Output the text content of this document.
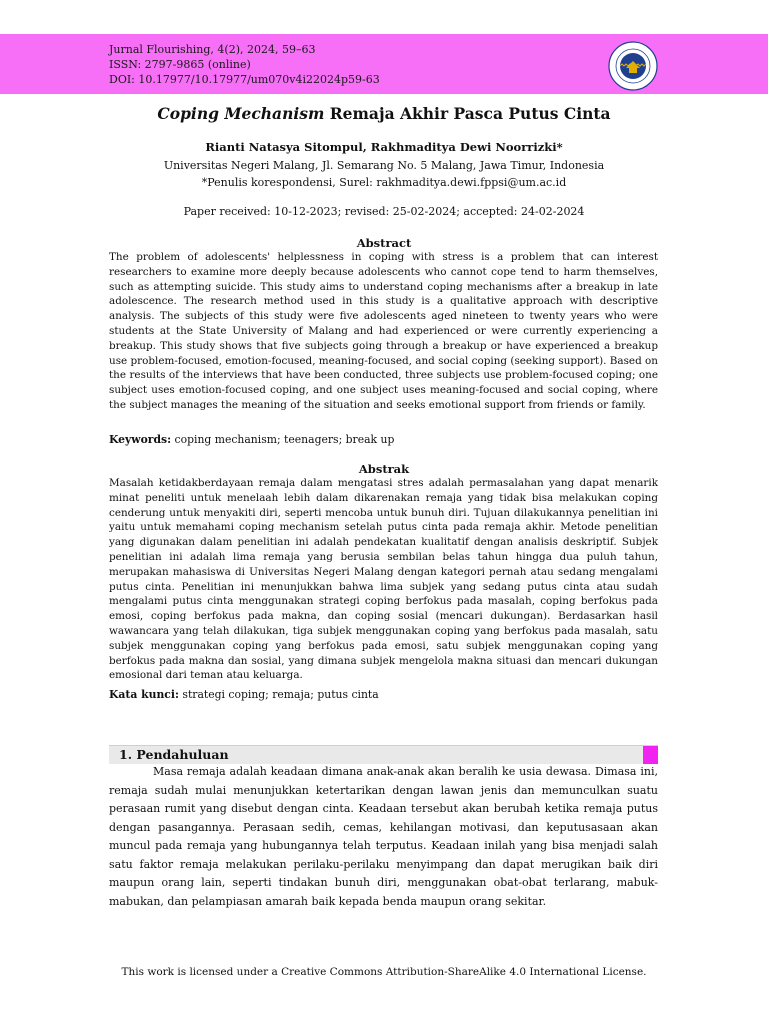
Jurnal Flourishing, 4(2), 2024, 59–63
ISSN: 2797-9865 (online)
DOI: 10.17977/10.17977/um070v4i22024p59-63
Coping Mechanism Remaja Akhir Pasca Putus Cinta
Rianti Natasya Sitompul, Rakhmaditya Dewi Noorrizki*
Universitas Negeri Malang, Jl. Semarang No. 5 Malang, Jawa Timur, Indonesia
*Penulis korespondensi, Surel: rakhmaditya.dewi.fppsi@um.ac.id
Paper received: 10-12-2023; revised: 25-02-2024; accepted: 24-02-2024
Abstract
The problem of adolescents' helplessness in coping with stress is a problem that can interest researchers to examine more deeply because adolescents who cannot cope tend to harm themselves, such as attempting suicide. This study aims to understand coping mechanisms after a breakup in late adolescence. The research method used in this study is a qualitative approach with descriptive analysis. The subjects of this study were five adolescents aged nineteen to twenty years who were students at the State University of Malang and had experienced or were currently experiencing a breakup. This study shows that five subjects going through a breakup or have experienced a breakup use problem-focused, emotion-focused, meaning-focused, and social coping (seeking support). Based on the results of the interviews that have been conducted, three subjects use problem-focused coping; one subject uses emotion-focused coping, and one subject uses meaning-focused and social coping, where the subject manages the meaning of the situation and seeks emotional support from friends or family.
Keywords: coping mechanism; teenagers; break up
Abstrak
Masalah ketidakberdayaan remaja dalam mengatasi stres adalah permasalahan yang dapat menarik minat peneliti untuk menelaah lebih dalam dikarenakan remaja yang tidak bisa melakukan coping cenderung untuk menyakiti diri, seperti mencoba untuk bunuh diri. Tujuan dilakukannya penelitian ini yaitu untuk memahami coping mechanism setelah putus cinta pada remaja akhir. Metode penelitian yang digunakan dalam penelitian ini adalah pendekatan kualitatif dengan analisis deskriptif. Subjek penelitian ini adalah lima remaja yang berusia sembilan belas tahun hingga dua puluh tahun, merupakan mahasiswa di Universitas Negeri Malang dengan kategori pernah atau sedang mengalami putus cinta. Penelitian ini menunjukkan bahwa lima subjek yang sedang putus cinta atau sudah mengalami putus cinta menggunakan strategi coping berfokus pada masalah, coping berfokus pada emosi, coping berfokus pada makna, dan coping sosial (mencari dukungan). Berdasarkan hasil wawancara yang telah dilakukan, tiga subjek menggunakan coping yang berfokus pada masalah, satu subjek menggunakan coping yang berfokus pada emosi, satu subjek menggunakan coping yang berfokus pada makna dan sosial, yang dimana subjek mengelola makna situasi dan mencari dukungan emosional dari teman atau keluarga.
Kata kunci: strategi coping; remaja; putus cinta
1. Pendahuluan
Masa remaja adalah keadaan dimana anak-anak akan beralih ke usia dewasa. Dimasa ini, remaja sudah mulai menunjukkan ketertarikan dengan lawan jenis dan memunculkan suatu perasaan rumit yang disebut dengan cinta. Keadaan tersebut akan berubah ketika remaja putus dengan pasangannya. Perasaan sedih, cemas, kehilangan motivasi, dan keputusasaan akan muncul pada remaja yang hubungannya telah terputus. Keadaan inilah yang bisa menjadi salah satu faktor remaja melakukan perilaku-perilaku menyimpang dan dapat merugikan baik diri maupun orang lain, seperti tindakan bunuh diri, menggunakan obat-obat terlarang, mabuk-mabukan, dan pelampiasan amarah baik kepada benda maupun orang sekitar.
This work is licensed under a Creative Commons Attribution-ShareAlike 4.0 International License.
